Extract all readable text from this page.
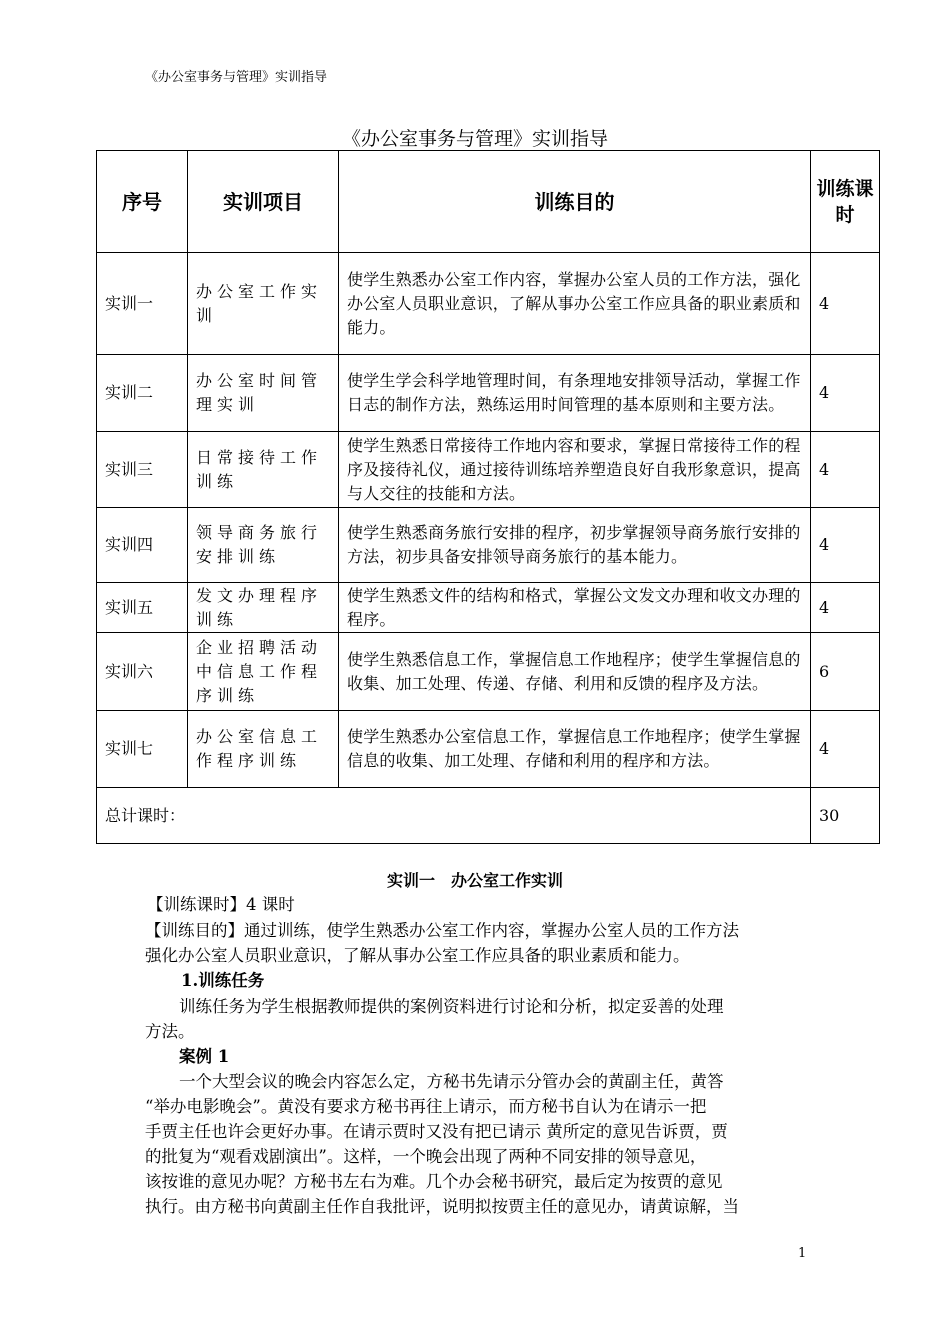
《办公室事务与管理》实训指导
《办公室事务与管理》实训指导
序号	实训项目	训练目的	训练课时
实训一	办公室工作实训	使学生熟悉办公室工作内容，掌握办公室人员的工作方法，强化办公室人员职业意识，了解从事办公室工作应具备的职业素质和能力。	4
实训二	办公室时间管理实训	使学生学会科学地管理时间，有条理地安排领导活动，掌握工作日志的制作方法，熟练运用时间管理的基本原则和主要方法。	4
实训三	日常接待工作训练	使学生熟悉日常接待工作地内容和要求，掌握日常接待工作的程序及接待礼仪，通过接待训练培养塑造良好自我形象意识，提高与人交往的技能和方法。	4
实训四	领导商务旅行安排训练	使学生熟悉商务旅行安排的程序，初步掌握领导商务旅行安排的方法，初步具备安排领导商务旅行的基本能力。	4
实训五	发文办理程序训练	使学生熟悉文件的结构和格式，掌握公文发文办理和收文办理的程序。	4
实训六	企业招聘活动中信息工作程序训练	使学生熟悉信息工作，掌握信息工作地程序；使学生掌握信息的收集、加工处理、传递、存储、利用和反馈的程序及方法。	6
实训七	办公室信息工作程序训练	使学生熟悉办公室信息工作，掌握信息工作地程序；使学生掌握信息的收集、加工处理、存储和利用的程序和方法。	4
总计课时：			30
实训一　办公室工作实训
【训练课时】4 课时
【训练目的】通过训练，使学生熟悉办公室工作内容，掌握办公室人员的工作方法
强化办公室人员职业意识，了解从事办公室工作应具备的职业素质和能力。
1.训练任务
训练任务为学生根据教师提供的案例资料进行讨论和分析，拟定妥善的处理
方法。
案例 1
一个大型会议的晚会内容怎么定，方秘书先请示分管办会的黄副主任，黄答
“举办电影晚会”。黄没有要求方秘书再往上请示，而方秘书自认为在请示一把
手贾主任也许会更好办事。在请示贾时又没有把已请示 黄所定的意见告诉贾，贾
的批复为“观看戏剧演出”。这样，一个晚会出现了两种不同安排的领导意见，
该按谁的意见办呢？方秘书左右为难。几个办会秘书研究，最后定为按贾的意见
执行。由方秘书向黄副主任作自我批评，说明拟按贾主任的意见办，请黄谅解，当
1
